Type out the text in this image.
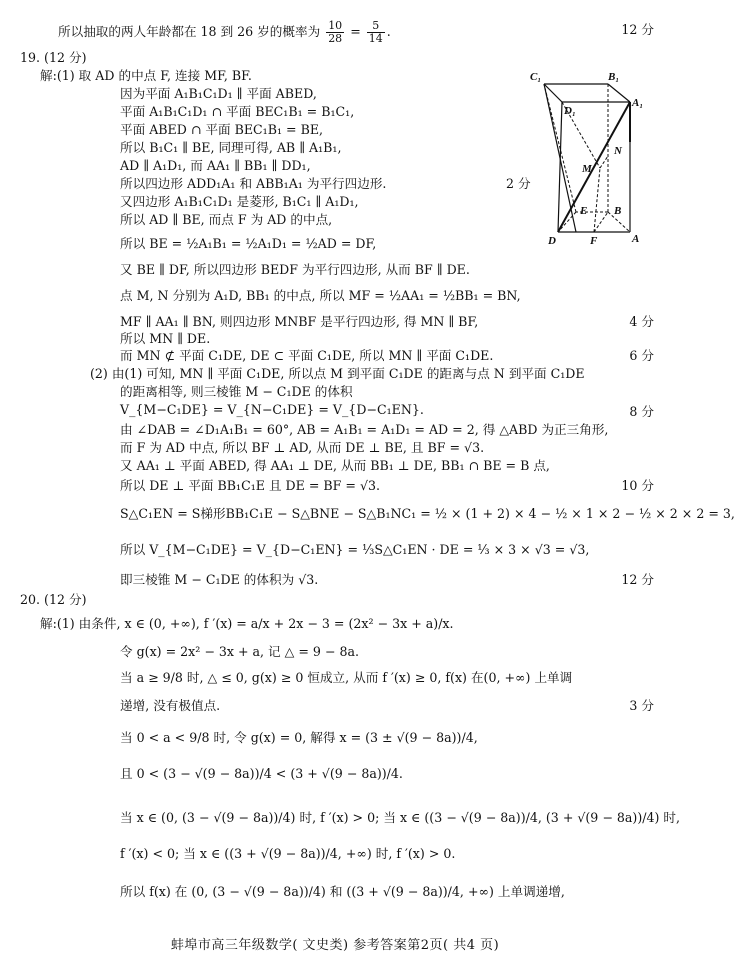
所以抽取的两人年龄都在 18 到 26 岁的概率为 $\frac{10}{28} = \frac{5}{14}$ .	12 分
19. (12 分)
解:(1) 取 AD 的中点 F, 连接 MF, BF.
因为平面 A₁B₁C₁D₁ ∥ 平面 ABED,
平面 A₁B₁C₁D₁ ∩ 平面 BEC₁B₁ = B₁C₁,
平面 ABED ∩ 平面 BEC₁B₁ = BE,
所以 B₁C₁ ∥ BE, 同理可得, AB ∥ A₁B₁,
AD ∥ A₁D₁, 而 AA₁ ∥ BB₁ ∥ DD₁,
所以四边形 ADD₁A₁ 和 ABB₁A₁ 为平行四边形.
又四边形 A₁B₁C₁D₁ 是菱形, B₁C₁ ∥ A₁D₁,
所以 AD ∥ BE, 而点 F 为 AD 的中点,
2 分
所以 BE = ½A₁B₁ = ½A₁D₁ = ½AD = DF,
又 BE ∥ DF, 所以四边形 BEDF 为平行四边形, 从而 BF ∥ DE.
点 M, N 分别为 A₁D, BB₁ 的中点, 所以 MF = ½AA₁ = ½BB₁ = BN,
MF ∥ AA₁ ∥ BN, 则四边形 MNBF 是平行四边形, 得 MN ∥ BF,	4 分
所以 MN ∥ DE.
而 MN ⊄ 平面 C₁DE, DE ⊂ 平面 C₁DE, 所以 MN ∥ 平面 C₁DE.	6 分
(2) 由(1) 可知, MN ∥ 平面 C₁DE, 所以点 M 到平面 C₁DE 的距离与点 N 到平面 C₁DE
的距离相等, 则三棱锥 M − C₁DE 的体积
V_{M−C₁DE} = V_{N−C₁DE} = V_{D−C₁EN}.	8 分
由 ∠DAB = ∠D₁A₁B₁ = 60°, AB = A₁B₁ = A₁D₁ = AD = 2, 得 △ABD 为正三角形,
而 F 为 AD 中点, 所以 BF ⊥ AD, 从而 DE ⊥ BE, 且 BF = √3.
又 AA₁ ⊥ 平面 ABED, 得 AA₁ ⊥ DE, 从而 BB₁ ⊥ DE, BB₁ ∩ BE = B 点,
所以 DE ⊥ 平面 BB₁C₁E 且 DE = BF = √3.	10 分
S△C₁EN = S梯形BB₁C₁E − S△BNE − S△B₁NC₁ = ½ × (1 + 2) × 4 − ½ × 1 × 2 − ½ × 2 × 2 = 3,
所以 V_{M−C₁DE} = V_{D−C₁EN} = ⅓S△C₁EN · DE = ⅓ × 3 × √3 = √3,
即三棱锥 M − C₁DE 的体积为 √3.	12 分
C₁	B₁
D₁
A₁
M
N
E B
D	F	A
20. (12 分)
解:(1) 由条件, x ∈ (0, +∞), f ′(x) = a/x + 2x − 3 = (2x² − 3x + a)/x.
令 g(x) = 2x² − 3x + a, 记 △ = 9 − 8a.
当 a ≥ 9/8 时, △ ≤ 0, g(x) ≥ 0 恒成立, 从而 f ′(x) ≥ 0, f(x) 在(0, +∞) 上单调
递增, 没有极值点.	3 分
当 0 < a < 9/8 时, 令 g(x) = 0, 解得 x = (3 ± √(9 − 8a))/4,
且 0 < (3 − √(9 − 8a))/4 < (3 + √(9 − 8a))/4.
当 x ∈ (0, (3 − √(9 − 8a))/4) 时, f ′(x) > 0; 当 x ∈ ((3 − √(9 − 8a))/4, (3 + √(9 − 8a))/4) 时,
f ′(x) < 0; 当 x ∈ ((3 + √(9 − 8a))/4, +∞) 时, f ′(x) > 0.
所以 f(x) 在 (0, (3 − √(9 − 8a))/4) 和 ((3 + √(9 − 8a))/4, +∞) 上单调递增,
蚌埠市高三年级数学( 文史类) 参考答案第2页( 共4 页)
